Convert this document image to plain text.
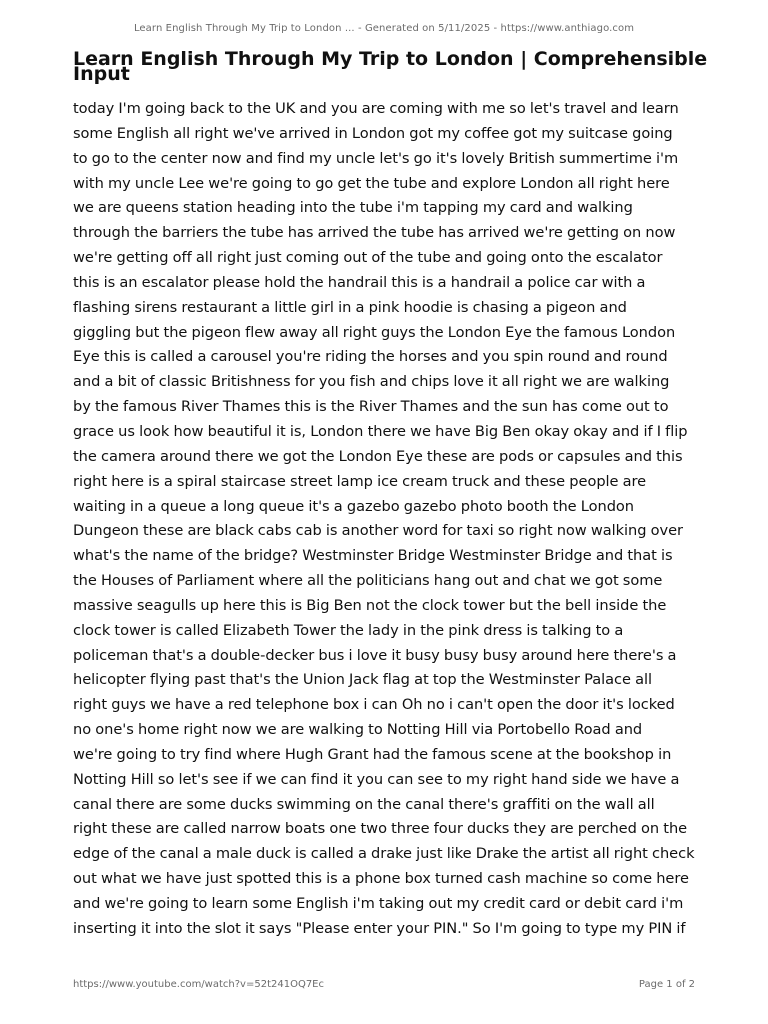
Learn English Through My Trip to London ... - Generated on 5/11/2025 - https://www.anthiago.com
Learn English Through My Trip to London | Comprehensible Input
today I'm going back to the UK and you are coming with me so let's travel and learn
some English all right we've arrived in London got my coffee got my suitcase going
to go to the center now and find my uncle let's go it's lovely British summertime i'm
with my uncle Lee we're going to go get the tube and explore London all right here
we are queens station heading into the tube i'm tapping my card and walking
through the barriers the tube has arrived the tube has arrived we're getting on now
we're getting off all right just coming out of the tube and going onto the escalator
this is an escalator please hold the handrail this is a handrail a police car with a
flashing sirens restaurant a little girl in a pink hoodie is chasing a pigeon and
giggling but the pigeon flew away all right guys the London Eye the famous London
Eye this is called a carousel you're riding the horses and you spin round and round
and a bit of classic Britishness for you fish and chips love it all right we are walking
by the famous River Thames this is the River Thames and the sun has come out to
grace us look how beautiful it is, London there we have Big Ben okay okay and if I flip
the camera around there we got the London Eye these are pods or capsules and this
right here is a spiral staircase street lamp ice cream truck and these people are
waiting in a queue a long queue it's a gazebo gazebo photo booth the London
Dungeon these are black cabs cab is another word for taxi so right now walking over
what's the name of the bridge? Westminster Bridge Westminster Bridge and that is
the Houses of Parliament where all the politicians hang out and chat we got some
massive seagulls up here this is Big Ben not the clock tower but the bell inside the
clock tower is called Elizabeth Tower the lady in the pink dress is talking to a
policeman that's a double-decker bus i love it busy busy busy around here there's a
helicopter flying past that's the Union Jack flag at top the Westminster Palace all
right guys we have a red telephone box i can Oh no i can't open the door it's locked
no one's home right now we are walking to Notting Hill via Portobello Road and
we're going to try find where Hugh Grant had the famous scene at the bookshop in
Notting Hill so let's see if we can find it you can see to my right hand side we have a
canal there are some ducks swimming on the canal there's graffiti on the wall all
right these are called narrow boats one two three four ducks they are perched on the
edge of the canal a male duck is called a drake just like Drake the artist all right check
out what we have just spotted this is a phone box turned cash machine so come here
and we're going to learn some English i'm taking out my credit card or debit card i'm
inserting it into the slot it says "Please enter your PIN." So I'm going to type my PIN if
https://www.youtube.com/watch?v=52t241OQ7Ec	Page 1 of 2
